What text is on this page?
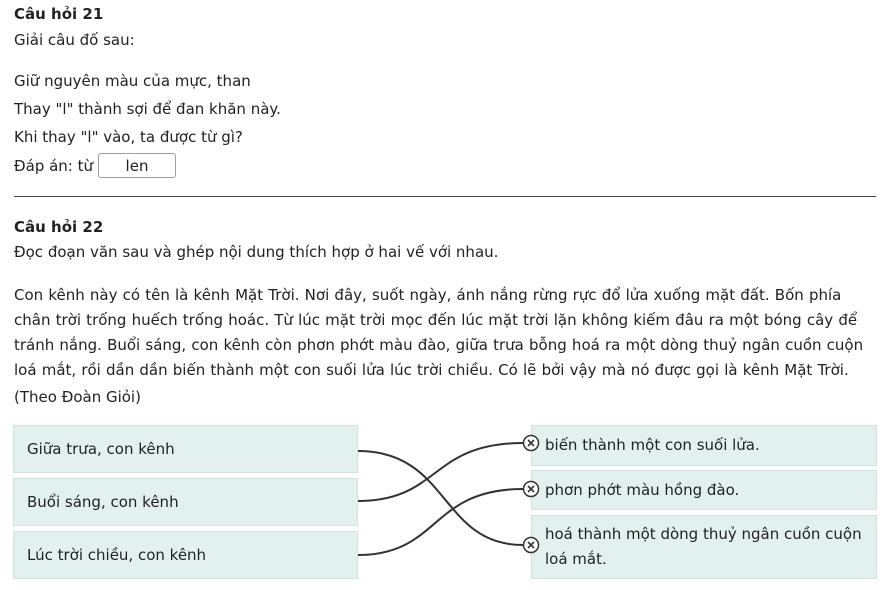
Câu hỏi 21
Giải câu đố sau:
Giữ nguyên màu của mực, than
Thay "l" thành sợi để đan khăn này.
Khi thay "l" vào, ta được từ gì?
Đáp án: từ
len
Câu hỏi 22
Đọc đoạn văn sau và ghép nội dung thích hợp ở hai vế với nhau.
Con kênh này có tên là kênh Mặt Trời. Nơi đây, suốt ngày, ánh nắng rừng rực đổ lửa xuống mặt đất. Bốn phía chân trời trống huếch trống hoác. Từ lúc mặt trời mọc đến lúc mặt trời lặn không kiếm đâu ra một bóng cây để tránh nắng. Buổi sáng, con kênh còn phơn phớt màu đào, giữa trưa bỗng hoá ra một dòng thuỷ ngân cuồn cuộn loá mắt, rồi dần dần biến thành một con suối lửa lúc trời chiều. Có lẽ bởi vậy mà nó được gọi là kênh Mặt Trời.
(Theo Đoàn Giỏi)
Giữa trưa, con kênh
Buổi sáng, con kênh
Lúc trời chiều, con kênh
biến thành một con suối lửa.
phơn phớt màu hồng đào.
hoá thành một dòng thuỷ ngân cuồn cuộn loá mắt.
